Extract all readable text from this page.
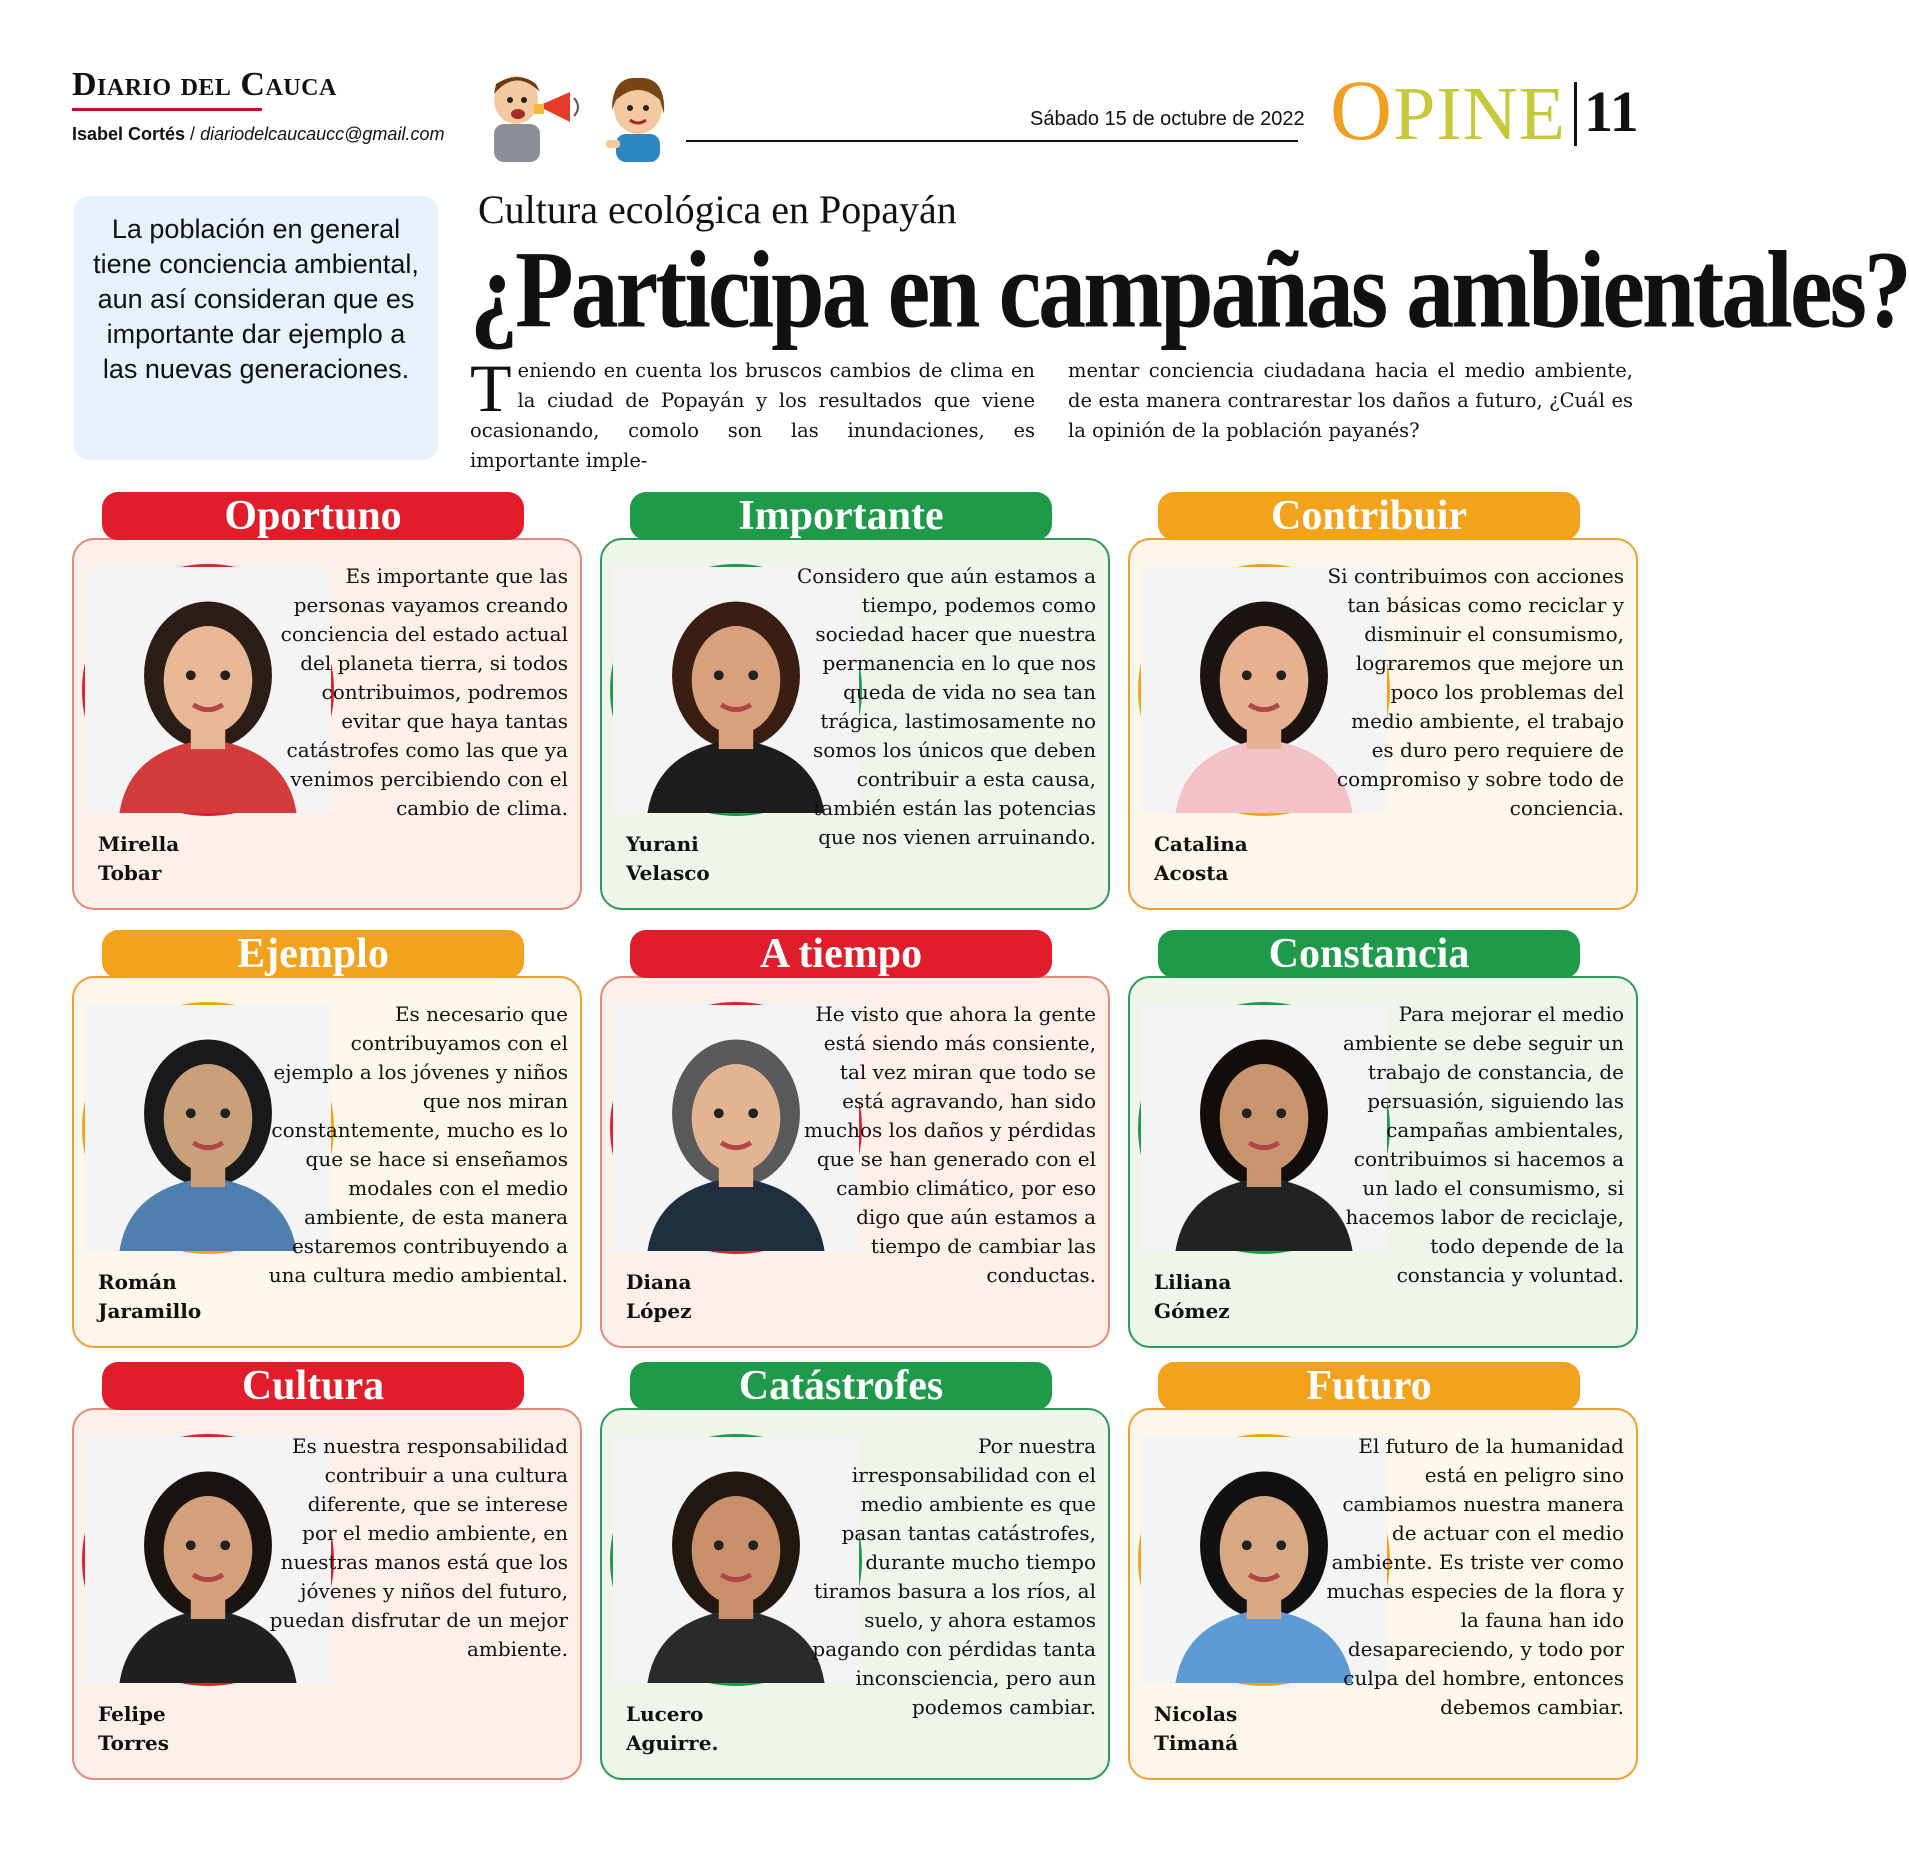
Diario del Cauca
Isabel Cortés / diariodelcaucaucc@gmail.com
Sábado 15 de octubre de 2022 OPINE 11
La población en general tiene conciencia ambiental, aun así consideran que es importante dar ejemplo a las nuevas generaciones.
Cultura ecológica en Popayán
¿Participa en campañas ambientales?
Teniendo en cuenta los bruscos cambios de clima en la ciudad de Popayán y los resultados que viene ocasionando, comolo son las inundaciones, es importante imple-
mentar conciencia ciudadana hacia el medio ambiente, de esta manera contrarestar los daños a futuro, ¿Cuál es la opinión de la población payanés?
Oportuno
Mirella
Tobar
Es importante que las personas vayamos creando conciencia del estado actual del planeta tierra, si todos contribuimos, podremos evitar que haya tantas catástrofes como las que ya venimos percibiendo con el cambio de clima.
Importante
Yurani
Velasco
Considero que aún estamos a tiempo, podemos como sociedad hacer que nuestra permanencia en lo que nos queda de vida no sea tan trágica, lastimosamente no somos los únicos que deben contribuir a esta causa, también están las potencias que nos vienen arruinando.
Contribuir
Catalina
Acosta
Si contribuimos con acciones tan básicas como reciclar y disminuir el consumismo, lograremos que mejore un poco los problemas del medio ambiente, el trabajo es duro pero requiere de compromiso y sobre todo de conciencia.
Ejemplo
Román
Jaramillo
Es necesario que contribuyamos con el ejemplo a los jóvenes y niños que nos miran constantemente, mucho es lo que se hace si enseñamos modales con el medio ambiente, de esta manera estaremos contribuyendo a una cultura medio ambiental.
A tiempo
Diana
López
He visto que ahora la gente está siendo más consiente, tal vez miran que todo se está agravando, han sido muchos los daños y pérdidas que se han generado con el cambio climático, por eso digo que aún estamos a tiempo de cambiar las conductas.
Constancia
Liliana
Gómez
Para mejorar el medio ambiente se debe seguir un trabajo de constancia, de persuasión, siguiendo las campañas ambientales, contribuimos si hacemos a un lado el consumismo, si hacemos labor de reciclaje, todo depende de la constancia y voluntad.
Cultura
Felipe
Torres
Es nuestra responsabilidad contribuir a una cultura diferente, que se interese por el medio ambiente, en nuestras manos está que los jóvenes y niños del futuro, puedan disfrutar de un mejor ambiente.
Catástrofes
Lucero
Aguirre.
Por nuestra irresponsabilidad con el medio ambiente es que pasan tantas catástrofes, durante mucho tiempo tiramos basura a los ríos, al suelo, y ahora estamos pagando con pérdidas tanta inconsciencia, pero aun podemos cambiar.
Futuro
Nicolas
Timaná
El futuro de la humanidad está en peligro sino cambiamos nuestra manera de actuar con el medio ambiente. Es triste ver como muchas especies de la flora y la fauna han ido desapareciendo, y todo por culpa del hombre, entonces debemos cambiar.
